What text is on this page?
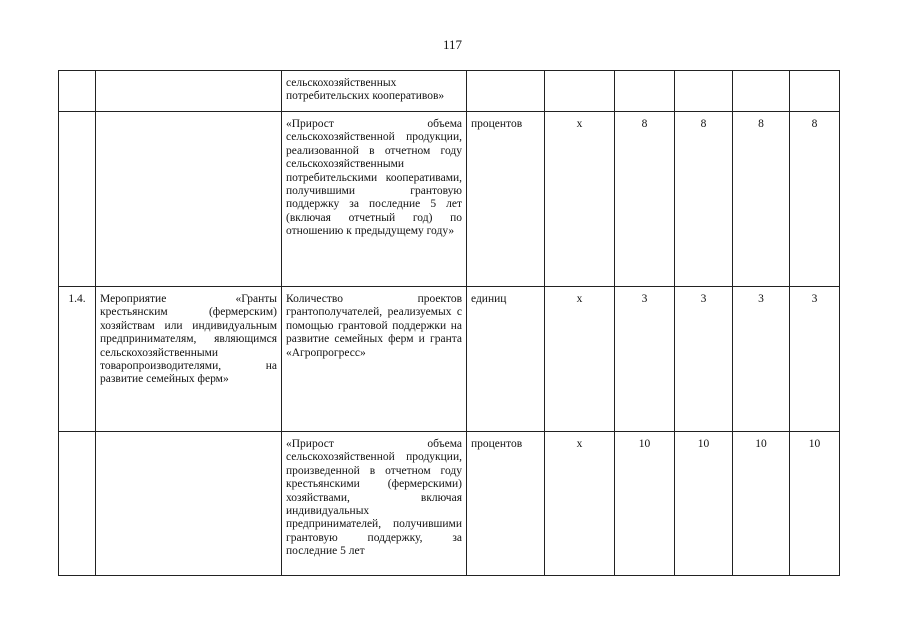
117
		сельскохозяйственных потребительских кооперативов»						
		«Прирост объема сельскохозяйственной продукции, реализованной в отчетном году сельскохозяйственными потребительскими кооперативами, получившими грантовую поддержку за последние 5 лет (включая отчетный год) по отношению к предыдущему году»	процентов	x	8	8	8	8
1.4.	Мероприятие «Гранты крестьянским (фермерским) хозяйствам или индивидуальным предпринимателям, являющимся сельскохозяйственными товаропроизводителями, на развитие семейных ферм»	Количество проектов грантополучателей, реализуемых с помощью грантовой поддержки на развитие семейных ферм и гранта «Агропрогресс»	единиц	x	3	3	3	3
		«Прирост объема сельскохозяйственной продукции, произведенной в отчетном году крестьянскими (фермерскими) хозяйствами, включая индивидуальных предпринимателей, получившими грантовую поддержку, за последние 5 лет	процентов	x	10	10	10	10
